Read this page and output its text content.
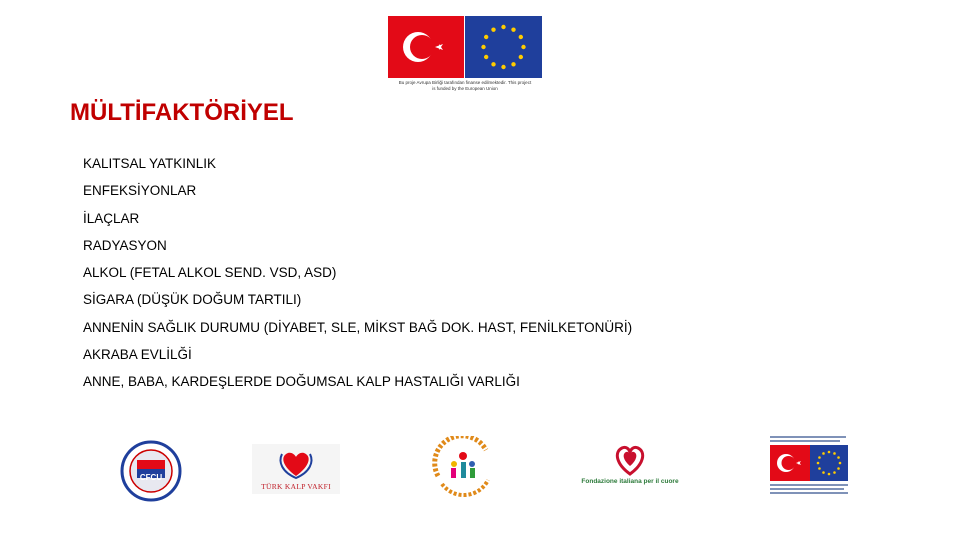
Bu proje Avrupa Birliği tarafından finanse edilmektedir. This project is funded by the European Union
MÜLTİFAKTÖRİYEL
KALITSAL YATKINLIK
ENFEKSİYONLAR
İLAÇLAR
RADYASYON
ALKOL (FETAL ALKOL SEND. VSD, ASD)
SİGARA (DÜŞÜK DOĞUM TARTILI)
ANNENİN SAĞLIK DURUMU (DİYABET, SLE, MİKST BAĞ DOK. HAST, FENİLKETONÜRİ)
AKRABA EVLİLĞİ
ANNE, BABA, KARDEŞLERDE DOĞUMSAL KALP HASTALIĞI VARLIĞI
CFCU
TÜRK KALP VAKFI
Fondazione italiana per il cuore
